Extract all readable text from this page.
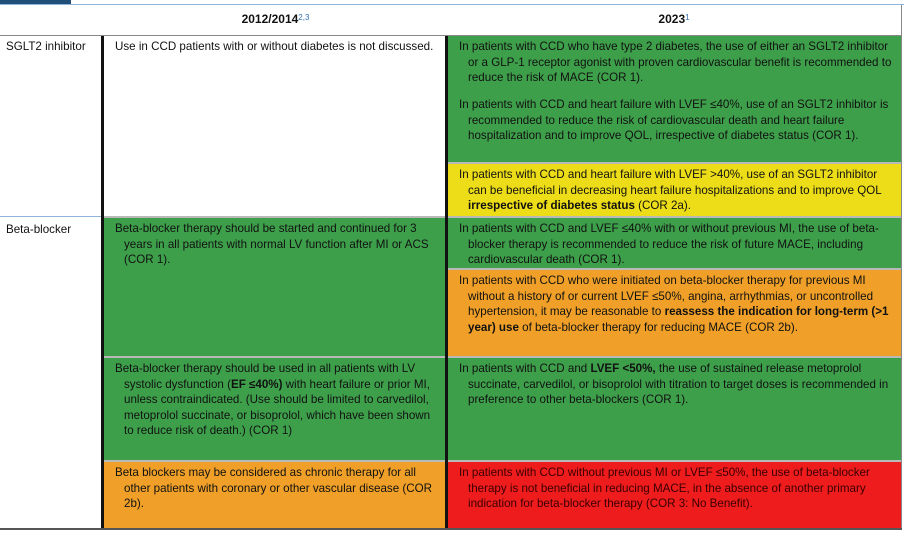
2012/2014$^{2,3}$	2023$^1$
SGLT2 inhibitor
Beta-blocker
Use in CCD patients with or without diabetes is not discussed.
Beta-blocker therapy should be started and continued for 3 years in all patients with normal LV function after MI or ACS (COR 1).
Beta-blocker therapy should be used in all patients with LV systolic dysfunction (EF ≤40%) with heart failure or prior MI, unless contraindicated. (Use should be limited to carvedilol, metoprolol succinate, or bisoprolol, which have been shown to reduce risk of death.) (COR 1)
Beta blockers may be considered as chronic therapy for all other patients with coronary or other vascular disease (COR 2b).
In patients with CCD who have type 2 diabetes, the use of either an SGLT2 inhibitor or a GLP-1 receptor agonist with proven cardiovascular benefit is recommended to reduce the risk of MACE (COR 1).
In patients with CCD and heart failure with LVEF ≤40%, use of an SGLT2 inhibitor is recommended to reduce the risk of cardiovascular death and heart failure hospitalization and to improve QOL, irrespective of diabetes status (COR 1).
In patients with CCD and heart failure with LVEF >40%, use of an SGLT2 inhibitor can be beneficial in decreasing heart failure hospitalizations and to improve QOL irrespective of diabetes status (COR 2a).
In patients with CCD and LVEF ≤40% with or without previous MI, the use of beta-blocker therapy is recommended to reduce the risk of future MACE, including cardiovascular death (COR 1).
In patients with CCD who were initiated on beta-blocker therapy for previous MI without a history of or current LVEF ≤50%, angina, arrhythmias, or uncontrolled hypertension, it may be reasonable to reassess the indication for long-term (>1 year) use of beta-blocker therapy for reducing MACE (COR 2b).
In patients with CCD and LVEF <50%, the use of sustained release metoprolol succinate, carvedilol, or bisoprolol with titration to target doses is recommended in preference to other beta-blockers (COR 1).
In patients with CCD without previous MI or LVEF ≤50%, the use of beta-blocker therapy is not beneficial in reducing MACE, in the absence of another primary indication for beta-blocker therapy (COR 3: No Benefit).
